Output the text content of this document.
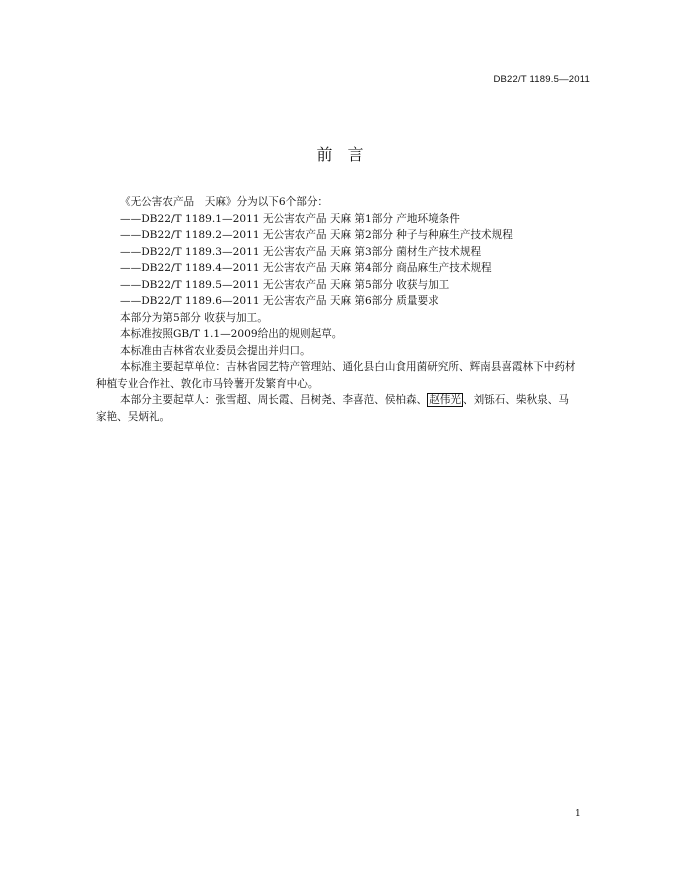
DB22/T 1189.5—2011
前 言
《无公害农产品　天麻》分为以下6个部分：
——DB22/T 1189.1—2011 无公害农产品 天麻 第1部分 产地环境条件
——DB22/T 1189.2—2011 无公害农产品 天麻 第2部分 种子与种麻生产技术规程
——DB22/T 1189.3—2011 无公害农产品 天麻 第3部分 菌材生产技术规程
——DB22/T 1189.4—2011 无公害农产品 天麻 第4部分 商品麻生产技术规程
——DB22/T 1189.5—2011 无公害农产品 天麻 第5部分 收获与加工
——DB22/T 1189.6—2011 无公害农产品 天麻 第6部分 质量要求
本部分为第5部分 收获与加工。
本标准按照GB/T 1.1—2009给出的规则起草。
本标准由吉林省农业委员会提出并归口。
本标准主要起草单位：吉林省园艺特产管理站、通化县白山食用菌研究所、辉南县喜霞林下中药材
种植专业合作社、敦化市马铃薯开发繁育中心。
本部分主要起草人：张雪超、周长霞、吕树尧、李喜范、侯柏森、 赵伟光 、刘铄石、柴秋泉、马
家艳、吴炳礼。
1
